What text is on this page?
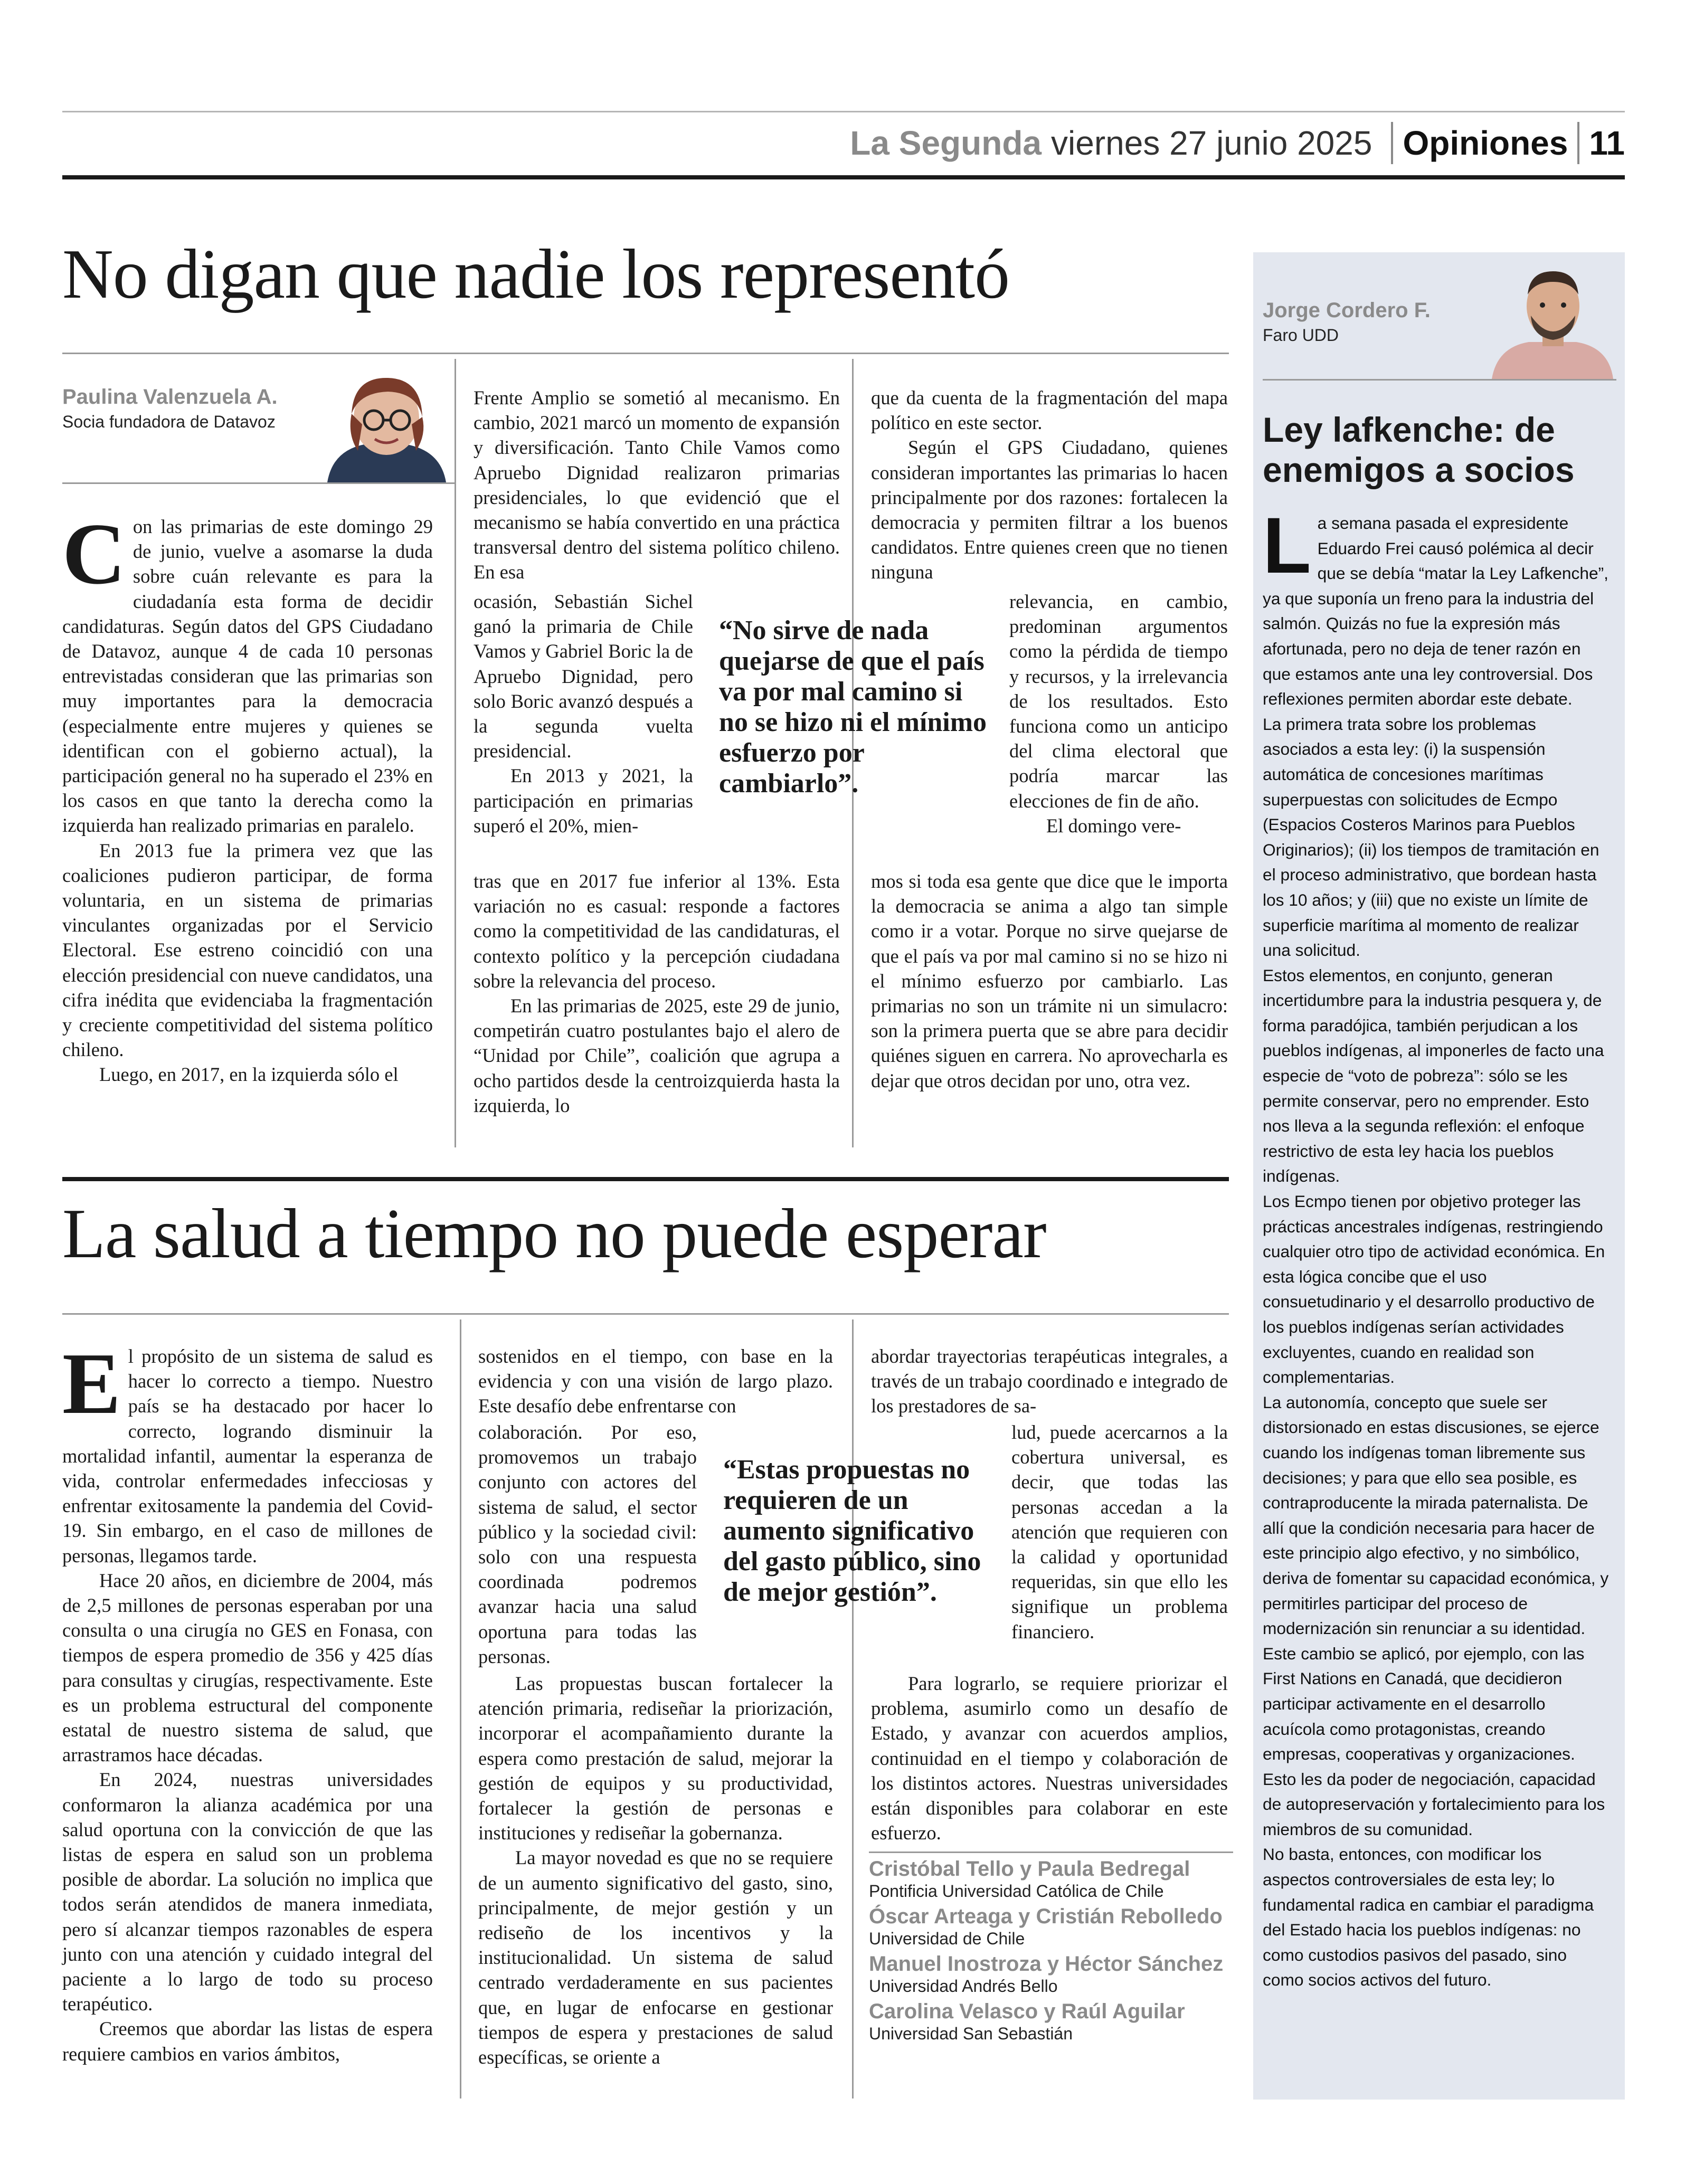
La Segunda viernes 27 junio 2025 Opiniones 11
No digan que nadie los representó
Paulina Valenzuela A.
Socia fundadora de Datavoz
C on las primarias de este domingo 29 de junio, vuelve a asomarse la duda sobre cuán relevante es para la ciudadanía esta forma de decidir candidaturas. Según datos del GPS Ciudadano de Datavoz, aunque 4 de cada 10 personas entrevistadas consideran que las primarias son muy importantes para la democracia (especialmente entre mujeres y quienes se identifican con el gobierno actual), la participación general no ha superado el 23% en los casos en que tanto la derecha como la izquierda han realizado primarias en paralelo.

En 2013 fue la primera vez que las coaliciones pudieron participar, de forma voluntaria, en un sistema de primarias vinculantes organizadas por el Servicio Electoral. Ese estreno coincidió con una elección presidencial con nueve candidatos, una cifra inédita que evidenciaba la fragmentación y creciente competitividad del sistema político chileno.

Luego, en 2017, en la izquierda sólo el

Frente Amplio se sometió al mecanismo. En cambio, 2021 marcó un momento de expansión y diversificación. Tanto Chile Vamos como Apruebo Dignidad realizaron primarias presidenciales, lo que evidenció que el mecanismo se había convertido en una práctica transversal dentro del sistema político chileno. En esa

ocasión, Sebastián Sichel ganó la primaria de Chile Vamos y Gabriel Boric la de Apruebo Dignidad, pero solo Boric avanzó después a la segunda vuelta presidencial.

En 2013 y 2021, la participación en primarias superó el 20%, mien-

tras que en 2017 fue inferior al 13%. Esta variación no es casual: responde a factores como la competitividad de las candidaturas, el contexto político y la percepción ciudadana sobre la relevancia del proceso.

En las primarias de 2025, este 29 de junio, competirán cuatro postulantes bajo el alero de “Unidad por Chile”, coalición que agrupa a ocho partidos desde la centroizquierda hasta la izquierda, lo

que da cuenta de la fragmentación del mapa político en este sector.

Según el GPS Ciudadano, quienes consideran importantes las primarias lo hacen principalmente por dos razones: fortalecen la democracia y permiten filtrar a los buenos candidatos. Entre quienes creen que no tienen ninguna

relevancia, en cambio, predominan argumentos como la pérdida de tiempo y recursos, y la irrelevancia de los resultados. Esto funciona como un anticipo del clima electoral que podría marcar las elecciones de fin de año.

El domingo vere-

mos si toda esa gente que dice que le importa la democracia se anima a algo tan simple como ir a votar. Porque no sirve quejarse de que el país va por mal camino si no se hizo ni el mínimo esfuerzo por cambiarlo. Las primarias no son un trámite ni un simulacro: son la primera puerta que se abre para decidir quiénes siguen en carrera. No aprovecharla es dejar que otros decidan por uno, otra vez.

“No sirve de nada quejarse de que el país va por mal camino si no se hizo ni el mínimo esfuerzo por cambiarlo”.
La salud a tiempo no puede esperar
E l propósito de un sistema de salud es hacer lo correcto a tiempo. Nuestro país se ha destacado por hacer lo correcto, logrando disminuir la mortalidad infantil, aumentar la esperanza de vida, controlar enfermedades infecciosas y enfrentar exitosamente la pandemia del Covid-19. Sin embargo, en el caso de millones de personas, llegamos tarde.

Hace 20 años, en diciembre de 2004, más de 2,5 millones de personas esperaban por una consulta o una cirugía no GES en Fonasa, con tiempos de espera promedio de 356 y 425 días para consultas y cirugías, respectivamente. Este es un problema estructural del componente estatal de nuestro sistema de salud, que arrastramos hace décadas.

En 2024, nuestras universidades conformaron la alianza académica por una salud oportuna con la convicción de que las listas de espera en salud son un problema posible de abordar. La solución no implica que todos serán atendidos de manera inmediata, pero sí alcanzar tiempos razonables de espera junto con una atención y cuidado integral del paciente a lo largo de todo su proceso terapéutico.

Creemos que abordar las listas de espera requiere cambios en varios ámbitos,

sostenidos en el tiempo, con base en la evidencia y con una visión de largo plazo. Este desafío debe enfrentarse con

colaboración. Por eso, promovemos un trabajo conjunto con actores del sistema de salud, el sector público y la sociedad civil: solo con una respuesta coordinada podremos avanzar hacia una salud oportuna para todas las personas.

Las propuestas buscan fortalecer la atención primaria, rediseñar la priorización, incorporar el acompañamiento durante la espera como prestación de salud, mejorar la gestión de equipos y su productividad, fortalecer la gestión de personas e instituciones y rediseñar la gobernanza.

La mayor novedad es que no se requiere de un aumento significativo del gasto, sino, principalmente, de mejor gestión y un rediseño de los incentivos y la institucionalidad. Un sistema de salud centrado verdaderamente en sus pacientes que, en lugar de enfocarse en gestionar tiempos de espera y prestaciones de salud específicas, se oriente a

abordar trayectorias terapéuticas integrales, a través de un trabajo coordinado e integrado de los prestadores de sa-

lud, puede acercarnos a la cobertura universal, es decir, que todas las personas accedan a la atención que requieren con la calidad y oportunidad requeridas, sin que ello les signifique un problema financiero.

Para lograrlo, se requiere priorizar el problema, asumirlo como un desafío de Estado, y avanzar con acuerdos amplios, continuidad en el tiempo y colaboración de los distintos actores. Nuestras universidades están disponibles para colaborar en este esfuerzo.

“Estas propuestas no requieren de un aumento significativo del gasto público, sino de mejor gestión”.
Cristóbal Tello y Paula Bedregal
Pontificia Universidad Católica de Chile
Óscar Arteaga y Cristián Rebolledo
Universidad de Chile
Manuel Inostroza y Héctor Sánchez
Universidad Andrés Bello
Carolina Velasco y Raúl Aguilar
Universidad San Sebastián
Jorge Cordero F.
Faro UDD
Ley lafkenche: de enemigos a socios
L a semana pasada el expresidente Eduardo Frei causó polémica al decir que se debía “matar la Ley Lafkenche”, ya que suponía un freno para la industria del salmón. Quizás no fue la expresión más afortunada, pero no deja de tener razón en que estamos ante una ley controversial. Dos reflexiones permiten abordar este debate.

La primera trata sobre los problemas asociados a esta ley: (i) la suspensión automática de concesiones marítimas superpuestas con solicitudes de Ecmpo (Espacios Costeros Marinos para Pueblos Originarios); (ii) los tiempos de tramitación en el proceso administrativo, que bordean hasta los 10 años; y (iii) que no existe un límite de superficie marítima al momento de realizar una solicitud.

Estos elementos, en conjunto, generan incertidumbre para la industria pesquera y, de forma paradójica, también perjudican a los pueblos indígenas, al imponerles de facto una especie de “voto de pobreza”: sólo se les permite conservar, pero no emprender. Esto nos lleva a la segunda reflexión: el enfoque restrictivo de esta ley hacia los pueblos indígenas.

Los Ecmpo tienen por objetivo proteger las prácticas ancestrales indígenas, restringiendo cualquier otro tipo de actividad económica. En esta lógica concibe que el uso consuetudinario y el desarrollo productivo de los pueblos indígenas serían actividades excluyentes, cuando en realidad son complementarias.

La autonomía, concepto que suele ser distorsionado en estas discusiones, se ejerce cuando los indígenas toman libremente sus decisiones; y para que ello sea posible, es contraproducente la mirada paternalista. De allí que la condición necesaria para hacer de este principio algo efectivo, y no simbólico, deriva de fomentar su capacidad económica, y permitirles participar del proceso de modernización sin renunciar a su identidad.

Este cambio se aplicó, por ejemplo, con las First Nations en Canadá, que decidieron participar activamente en el desarrollo acuícola como protagonistas, creando empresas, cooperativas y organizaciones. Esto les da poder de negociación, capacidad de autopreservación y fortalecimiento para los miembros de su comunidad.

No basta, entonces, con modificar los aspectos controversiales de esta ley; lo fundamental radica en cambiar el paradigma del Estado hacia los pueblos indígenas: no como custodios pasivos del pasado, sino como socios activos del futuro.
